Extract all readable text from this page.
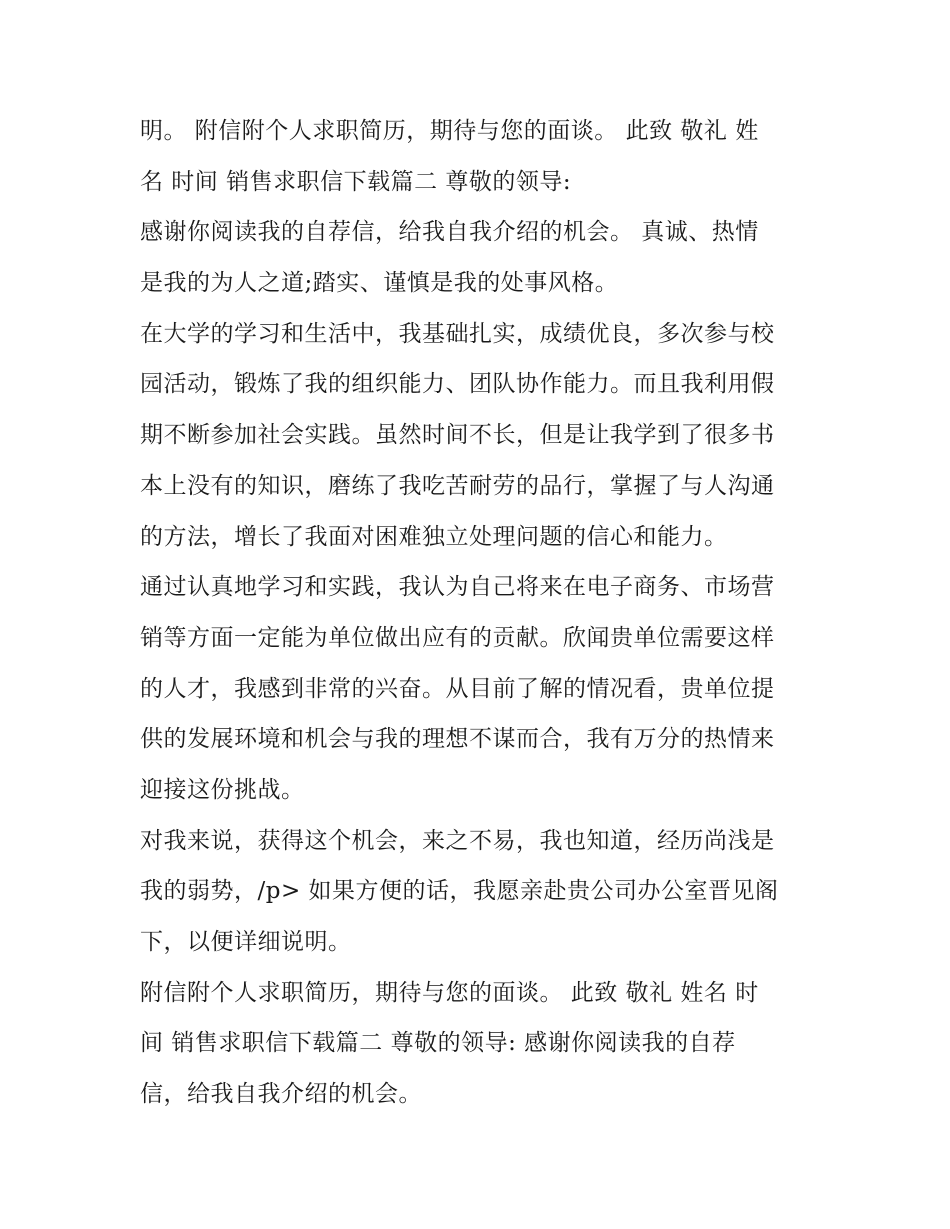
明。 附信附个人求职简历，期待与您的面谈。 此致 敬礼 姓
名 时间 销售求职信下载篇二 尊敬的领导:
感谢你阅读我的自荐信，给我自我介绍的机会。 真诚、热情
是我的为人之道;踏实、谨慎是我的处事风格。
在大学的学习和生活中，我基础扎实，成绩优良，多次参与校
园活动，锻炼了我的组织能力、团队协作能力。而且我利用假
期不断参加社会实践。虽然时间不长，但是让我学到了很多书
本上没有的知识，磨练了我吃苦耐劳的品行，掌握了与人沟通
的方法，增长了我面对困难独立处理问题的信心和能力。
通过认真地学习和实践，我认为自己将来在电子商务、市场营
销等方面一定能为单位做出应有的贡献。欣闻贵单位需要这样
的人才，我感到非常的兴奋。从目前了解的情况看，贵单位提
供的发展环境和机会与我的理想不谋而合，我有万分的热情来
迎接这份挑战。
对我来说，获得这个机会，来之不易，我也知道，经历尚浅是
我的弱势，/p> 如果方便的话，我愿亲赴贵公司办公室晋见阁
下，以便详细说明。
附信附个人求职简历，期待与您的面谈。 此致 敬礼 姓名 时
间 销售求职信下载篇二 尊敬的领导: 感谢你阅读我的自荐
信，给我自我介绍的机会。
